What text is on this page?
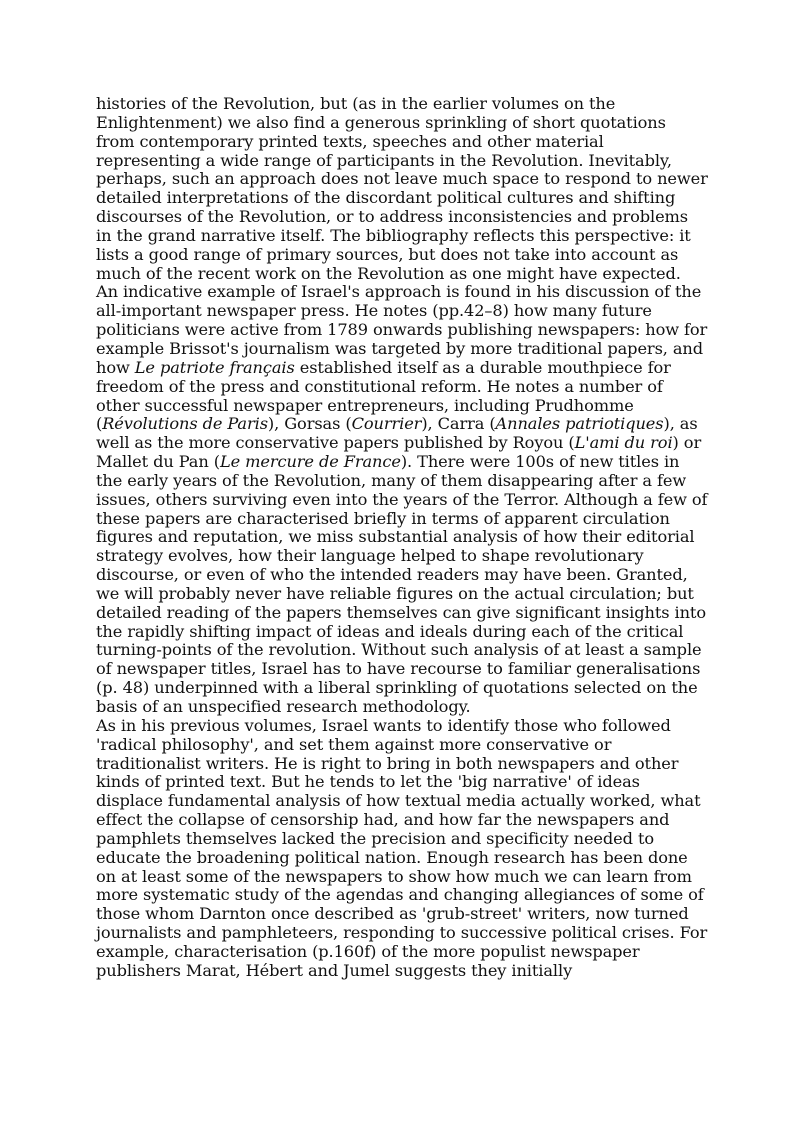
histories of the Revolution, but (as in the earlier volumes on the Enlightenment) we also find a generous sprinkling of short quotations from contemporary printed texts, speeches and other material representing a wide range of participants in the Revolution. Inevitably, perhaps, such an approach does not leave much space to respond to newer detailed interpretations of the discordant political cultures and shifting discourses of the Revolution, or to address inconsistencies and problems in the grand narrative itself. The bibliography reflects this perspective: it lists a good range of primary sources, but does not take into account as much of the recent work on the Revolution as one might have expected.

An indicative example of Israel's approach is found in his discussion of the all-important newspaper press. He notes (pp.42–8) how many future politicians were active from 1789 onwards publishing newspapers: how for example Brissot's journalism was targeted by more traditional papers, and how Le patriote français established itself as a durable mouthpiece for freedom of the press and constitutional reform. He notes a number of other successful newspaper entrepreneurs, including Prudhomme (Révolutions de Paris), Gorsas (Courrier), Carra (Annales patriotiques), as well as the more conservative papers published by Royou (L'ami du roi) or Mallet du Pan (Le mercure de France). There were 100s of new titles in the early years of the Revolution, many of them disappearing after a few issues, others surviving even into the years of the Terror. Although a few of these papers are characterised briefly in terms of apparent circulation figures and reputation, we miss substantial analysis of how their editorial strategy evolves, how their language helped to shape revolutionary discourse, or even of who the intended readers may have been. Granted, we will probably never have reliable figures on the actual circulation; but detailed reading of the papers themselves can give significant insights into the rapidly shifting impact of ideas and ideals during each of the critical turning-points of the revolution. Without such analysis of at least a sample of newspaper titles, Israel has to have recourse to familiar generalisations (p. 48) underpinned with a liberal sprinkling of quotations selected on the basis of an unspecified research methodology.

As in his previous volumes, Israel wants to identify those who followed 'radical philosophy', and set them against more conservative or traditionalist writers. He is right to bring in both newspapers and other kinds of printed text. But he tends to let the 'big narrative' of ideas displace fundamental analysis of how textual media actually worked, what effect the collapse of censorship had, and how far the newspapers and pamphlets themselves lacked the precision and specificity needed to educate the broadening political nation. Enough research has been done on at least some of the newspapers to show how much we can learn from more systematic study of the agendas and changing allegiances of some of those whom Darnton once described as 'grub-street' writers, now turned journalists and pamphleteers, responding to successive political crises. For example, characterisation (p.160f) of the more populist newspaper publishers Marat, Hébert and Jumel suggests they initially
